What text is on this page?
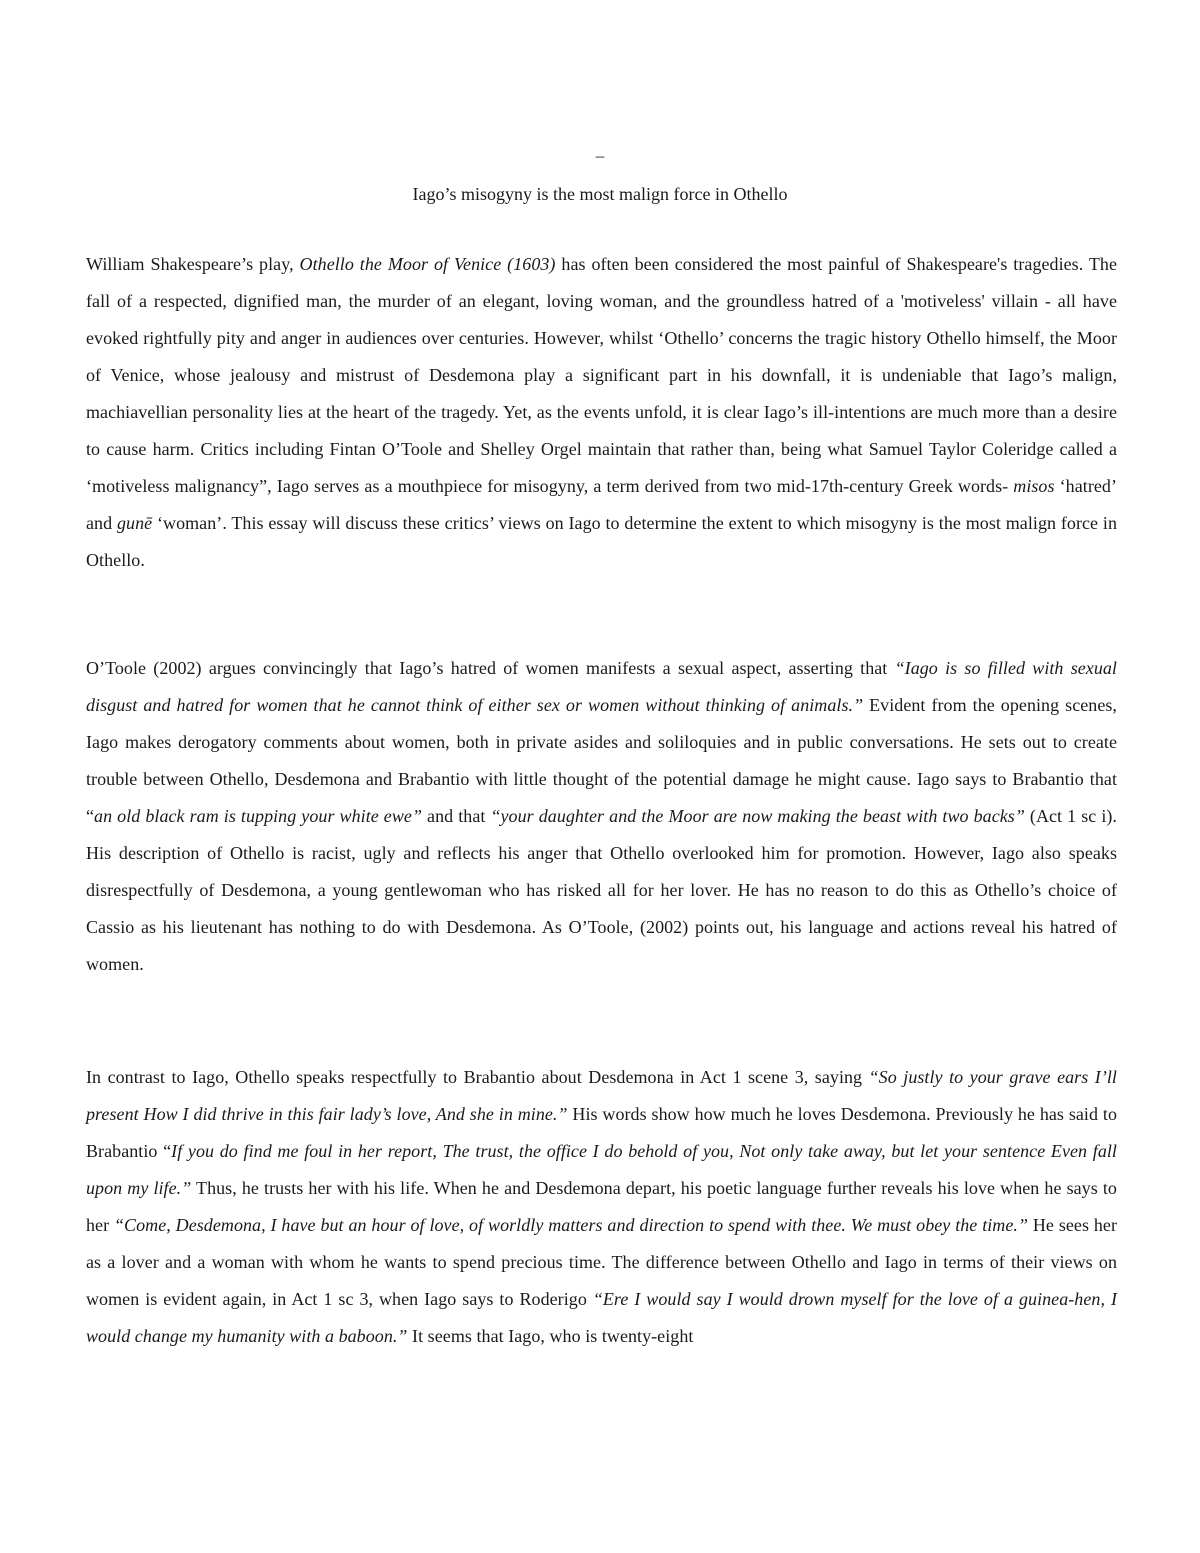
–
Iago’s misogyny is the most malign force in Othello

William Shakespeare’s play, Othello the Moor of Venice (1603) has often been considered the most painful of Shakespeare's tragedies. The fall of a respected, dignified man, the murder of an elegant, loving woman, and the groundless hatred of a 'motiveless' villain - all have evoked rightfully pity and anger in audiences over centuries. However, whilst ‘Othello’ concerns the tragic history Othello himself, the Moor of Venice, whose jealousy and mistrust of Desdemona play a significant part in his downfall, it is undeniable that Iago’s malign, machiavellian personality lies at the heart of the tragedy. Yet, as the events unfold, it is clear Iago’s ill-intentions are much more than a desire to cause harm. Critics including Fintan O’Toole and Shelley Orgel maintain that rather than, being what Samuel Taylor Coleridge called a ‘motiveless malignancy”, Iago serves as a mouthpiece for misogyny, a term derived from two mid-17th-century Greek words- misos ‘hatred’ and gunē ‘woman’. This essay will discuss these critics’ views on Iago to determine the extent to which misogyny is the most malign force in Othello.

O’Toole (2002) argues convincingly that Iago’s hatred of women manifests a sexual aspect, asserting that “Iago is so filled with sexual disgust and hatred for women that he cannot think of either sex or women without thinking of animals.” Evident from the opening scenes, Iago makes derogatory comments about women, both in private asides and soliloquies and in public conversations. He sets out to create trouble between Othello, Desdemona and Brabantio with little thought of the potential damage he might cause. Iago says to Brabantio that “an old black ram is tupping your white ewe” and that “your daughter and the Moor are now making the beast with two backs” (Act 1 sc i). His description of Othello is racist, ugly and reflects his anger that Othello overlooked him for promotion. However, Iago also speaks disrespectfully of Desdemona, a young gentlewoman who has risked all for her lover. He has no reason to do this as Othello’s choice of Cassio as his lieutenant has nothing to do with Desdemona. As O’Toole, (2002) points out, his language and actions reveal his hatred of women.

In contrast to Iago, Othello speaks respectfully to Brabantio about Desdemona in Act 1 scene 3, saying “So justly to your grave ears I’ll present How I did thrive in this fair lady’s love, And she in mine.” His words show how much he loves Desdemona. Previously he has said to Brabantio “If you do find me foul in her report, The trust, the office I do behold of you, Not only take away, but let your sentence Even fall upon my life.” Thus, he trusts her with his life. When he and Desdemona depart, his poetic language further reveals his love when he says to her “Come, Desdemona, I have but an hour of love, of worldly matters and direction to spend with thee. We must obey the time.” He sees her as a lover and a woman with whom he wants to spend precious time. The difference between Othello and Iago in terms of their views on women is evident again, in Act 1 sc 3, when Iago says to Roderigo “Ere I would say I would drown myself for the love of a guinea-hen, I would change my humanity with a baboon.” It seems that Iago, who is twenty-eight
